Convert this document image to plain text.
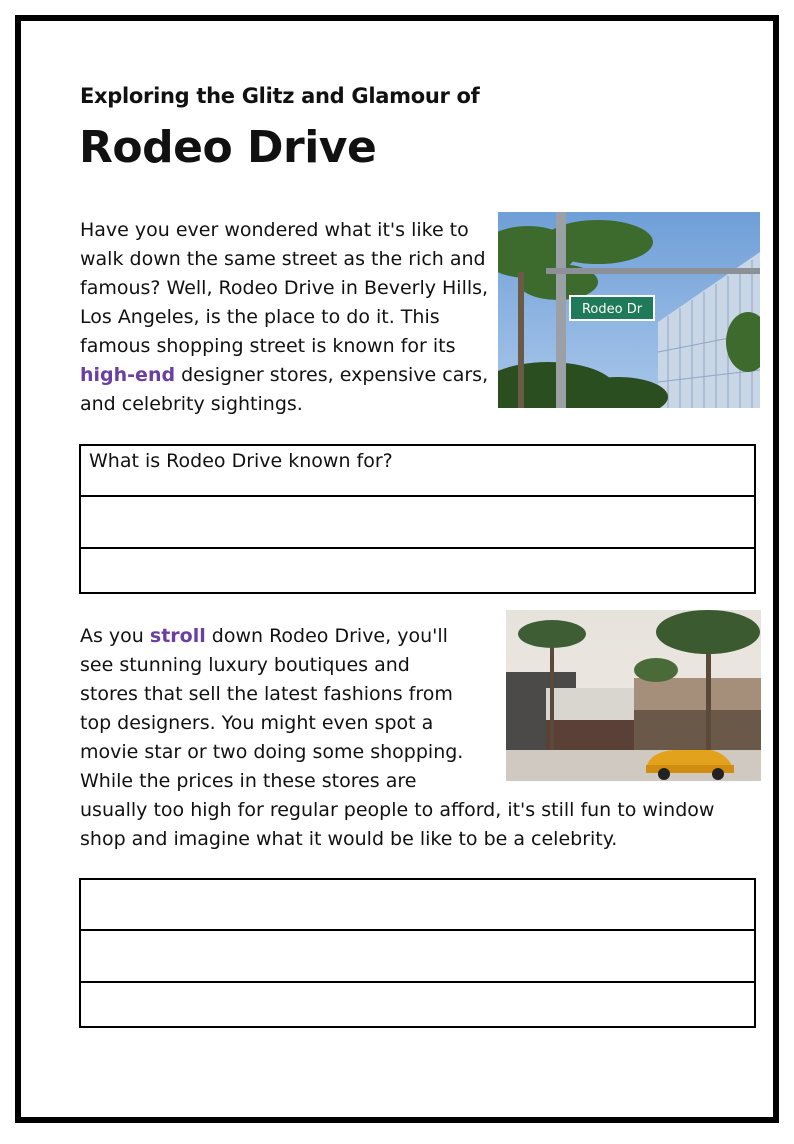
Exploring the Glitz and Glamour of
Rodeo Drive

Have you ever wondered what it's like to walk down the same street as the rich and famous? Well, Rodeo Drive in Beverly Hills, Los Angeles, is the place to do it. This famous shopping street is known for its high-end designer stores, expensive cars, and celebrity sightings.

Rodeo Dr
What is Rodeo Drive known for?

As you stroll down Rodeo Drive, you'll see stunning luxury boutiques and stores that sell the latest fashions from top designers. You might even spot a movie star or two doing some shopping. While the prices in these stores are usually too high for regular people to afford, it's still fun to window shop and imagine what it would be like to be a celebrity.
